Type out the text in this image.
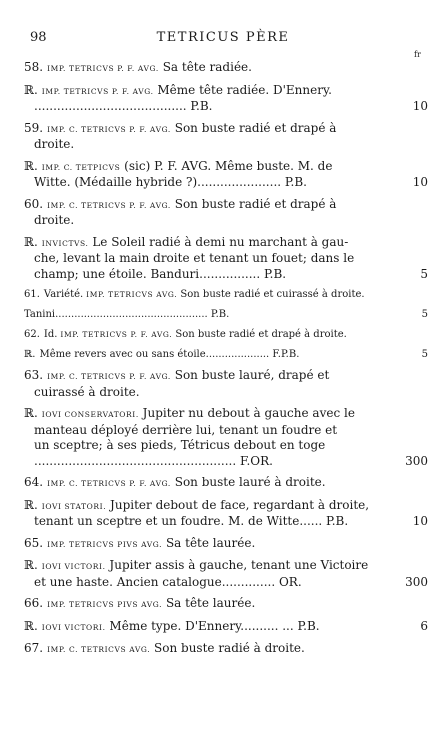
98	TETRICUS PÈRE
fr
58. IMP. TETRICVS P. F. AVG. Sa tête radiée.
ℝ. IMP. TETRICVS P. F. AVG. Même tête radiée. D'Ennery.
........................................ P.B.	10
59. IMP. C. TETRICVS P. F. AVG. Son buste radié et drapé à
droite.
ℝ. IMP. C. TETPICVS (sic) P. F. AVG. Même buste. M. de
Witte. (Médaille hybride ?)...................... P.B.	10
60. IMP. C. TETRICVS P. F. AVG. Son buste radié et drapé à
droite.
ℝ. INVICTVS. Le Soleil radié à demi nu marchant à gau-
che, levant la main droite et tenant un fouet; dans le
champ; une étoile. Banduri................ P.B.	5
61. Variété. IMP. TETRICVS AVG. Son buste radié et cuirassé à droite.
Tanini................................................ P.B.	5
62. Id. IMP. TETRICVS P. F. AVG. Son buste radié et drapé à droite.
ℝ. Même revers avec ou sans étoile.................... F.P.B.	5
63. IMP. C. TETRICVS P. F. AVG. Son buste lauré, drapé et
cuirassé à droite.
ℝ. IOVI CONSERVATORI. Jupiter nu debout à gauche avec le
manteau déployé derrière lui, tenant un foudre et
un sceptre; à ses pieds, Tétricus debout en toge
..................................................... F.OR.	300
64. IMP. C. TETRICVS P. F. AVG. Son buste lauré à droite.
ℝ. IOVI STATORI. Jupiter debout de face, regardant à droite,
tenant un sceptre et un foudre. M. de Witte...... P.B.	10
65. IMP. TETRICVS PIVS AVG. Sa tête laurée.
ℝ. IOVI VICTORI. Jupiter assis à gauche, tenant une Victoire
et une haste. Ancien catalogue.............. OR.	300
66. IMP. TETRICVS PIVS AVG. Sa tête laurée.
ℝ. IOVI VICTORI. Même type. D'Ennery.......... ... P.B.	6
67. IMP. C. TETRICVS AVG. Son buste radié à droite.
